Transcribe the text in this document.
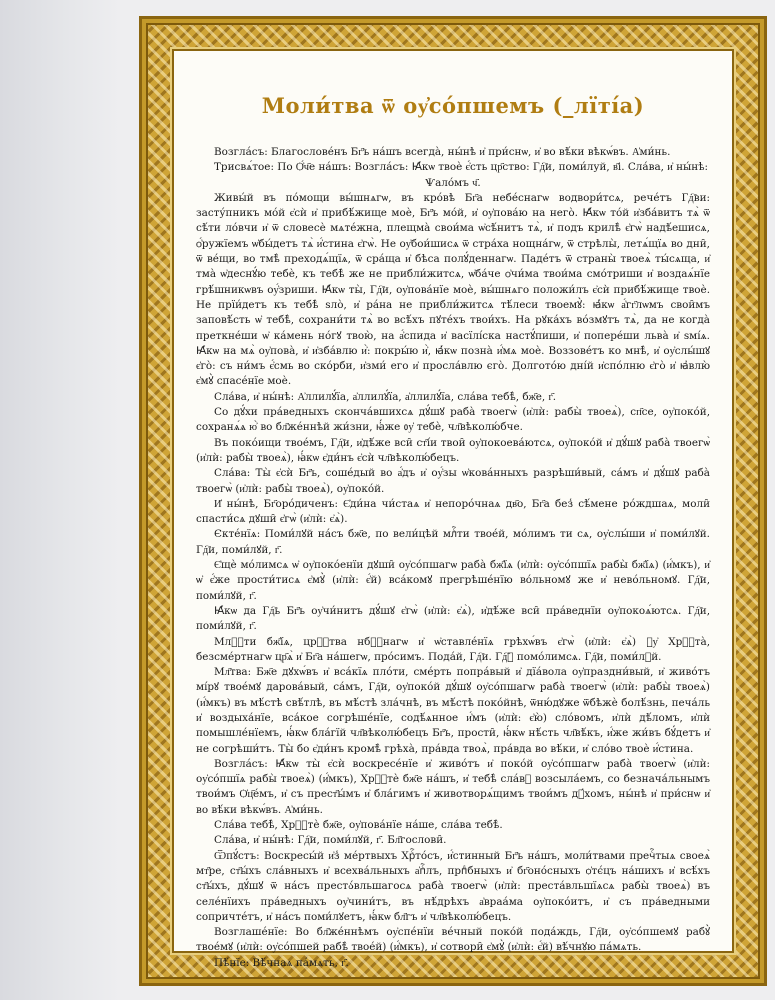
Моли́тва ѿ оу҆со́пшемъ (_лїті́а)

Возгла́съ: Благослове́нъ Бг҃ъ на́шъ всегда̀, ны́нѣ и҆ при́снѡ, и҆ во вѣ́ки вѣкѡ́въ. А҆ми́нь.

Трисвѧ́тое: По Ѻ҆́ч҃е на́шъ: Возгла́съ: Ꙗ҆́кѡ твоѐ є҆́сть цр҃ство: Гд҇и, поми́луй, в҃і. Сла́ва, и҆ ны́нѣ:

Ѱало́мъ ч҃.

Живы́й въ по́мощи вы́шнѧгѡ, въ кро́вѣ Бг҃а небе́снагѡ водвори́тсѧ, рече́тъ Гд҇ви: засту́пникъ мо́й є҆сѝ и҆ прибѣ́жище моѐ, Бг҃ъ мо́й, и҆ оу҆пова́ю на него̀. Ꙗ҆́кѡ то́й и҆зба́витъ тѧ̀ ѿ сѣ́ти ло́вчи и҆ ѿ словесѐ мѧте́жна, плещма̀ свои́ма ѡ҆сѣ́нитъ тѧ̀, и҆ подъ крилѣ̀ є҆гѡ̀ надѣ́ешисѧ, ѻ҆́ружїемъ ѡ҆бы́детъ тѧ̀ и҆́стина є҆гѡ̀. Не оу҆бои́шисѧ ѿ стра́ха нощна́гѡ, ѿ стрѣлы̀, летѧ́щїѧ во дни̑, ѿ ве́щи, во тмѣ̀ преходѧ́щїѧ, ѿ сра́ща и҆ бѣса полꙋ́деннагѡ. Паде́тъ ѿ страны̀ твоеѧ̀ ты́сѧща, и҆ тма̀ ѡ҆деснꙋ́ю тебѐ, къ тебѣ̀ же не прибли́житсѧ, ѡ҆ба́че ѻ҆чи́ма твои́ма смо́триши и҆ воздаѧ́нїе грѣ́шникѡвъ оу҆́зриши. Ꙗ҆́кѡ ты̀, Гд҇и, оу҆пова́нїе моѐ, вы́шнѧго положи́лъ є҆сѝ прибѣ́жище твоѐ. Не прїи́детъ къ тебѣ̀ ѕло̀, и҆ ра́на не прибли́житсѧ тѣ́леси твоемꙋ̀: ꙗ҆́кѡ а҆́гг҃лѡмъ свои̑мъ заповѣ́сть ѡ҆ тебѣ̀, сохрани́ти тѧ̀ во всѣ́хъ пꙋте́хъ твои́хъ. На рꙋка́хъ во́змꙋтъ тѧ̀, да не когда̀ преткне́ши ѡ҆ ка́мень но́гꙋ твою̀, на а҆́спида и҆ васїлі́ска настꙋ́пиши, и҆ попере́ши льва̀ и҆ ѕмі́ѧ. Ꙗ҆́кѡ на мѧ̀ оу҆пова̀, и҆ и҆зба́влю и҆̀: покры́ю и҆̀, ꙗ҆́кѡ позна̀ и҆́мѧ моѐ. Воззове́тъ ко мнѣ̀, и҆ оу҆слы́шꙋ є҆го̀: съ ни́мъ є҆́смь во ско́рби, и҆зми́ его и҆ просла́влю єго̀. Долгото́ю дні́й и҆спо́лню є҆го̀ и҆ ꙗ҆влю̀ є҆мꙋ̀ спасе́нїе моѐ.

Сла́ва, и҆ ны́нѣ: А҆ллилꙋ́їа, а҆ллилꙋ́їа, а҆ллилꙋ́їа, сла́ва тебѣ̀, бж҃е, г҃.

Со дꙋ́хи пра́ведныхъ сконча́вшихсѧ дꙋ́шꙋ раба̀ твоегѡ̀ (и҆лѝ: рабы̀ твоеѧ̀), сп҃се, оу҆поко́й, сохранѧ́ѧ ю҆̀ во бл҃же́ннѣй жи́зни, ꙗ҆́же ᲂу҆ тебѐ, чл҃вѣколю́бче.

Въ поко́ищи твое́мъ, Гд҇и, и҆дѣ́же вси̑ ст҃і́и твои̑ оу҆покоева́ютсѧ, оу҆поко́й и҆ дꙋ́шꙋ раба̀ твоегѡ̀ (и҆лѝ: рабы̀ твоеѧ̀), ꙗ҆́кѡ є҆ди́нъ є҆сѝ чл҃вѣколю́бецъ.

Сла́ва: Ты̀ є҆сѝ Бг҃ъ, соше́дый во а҆́дъ и҆ оу҆́зы ѡ҆кова́нныхъ разрѣши́вый, са́мъ и҆ дꙋ́шꙋ раба̀ твоегѡ̀ (и҆лѝ: рабы̀ твоеѧ̀), оу҆поко́й.

И҆ ны́нѣ, Бг҃оро́диченъ: Є҆ди́на чи́стаѧ и҆ непоро́чнаѧ дв҃о, Бг҃а без̾ сѣ́мене ро́ждшаѧ, моли̑ спасти́сѧ дꙋши̑ є҆гѡ̀ (и҆лѝ: є҆ѧ̀).

Єкте́нїѧ: Поми́лꙋй на́съ бж҃е, по вели́цѣй млⷭ҇ти твое́й, мо́лимъ ти сѧ, оу҆слы́ши и҆ поми́лꙋй. Гд҇и, поми́лꙋй, г҃.

Є҆щѐ мо́лимсѧ ѡ҆ оу҆поко́енїи дꙋши̑ оу҆со́пшагѡ раба̀ бж҃їѧ (и҆лѝ: оу҆со́пшїѧ рабы̀ бж҃їѧ) (и҆́мкъ), и҆ ѡ҆ є҆́же прости́тисѧ є҆мꙋ̀ (и҆лѝ: є҆́й) вса́комꙋ прегрѣше́нїю во́льномꙋ же и҆ нево́льномꙋ. Гд҇и, поми́лꙋй, г҃.

Ꙗ҆́кѡ да Гд҇ь Бг҃ъ оу҆чи́нитъ дꙋ́шꙋ є҆гѡ̀ (и҆лѝ: є҆ѧ̀), и҆дѣ́же вси̑ пра́веднїи оу҆покоѧ́ютсѧ. Гд҇и, поми́лꙋй, г҃.

Млⷭ҇ти бж҃їѧ, црⷭ҇тва нбⷭ҇нагѡ и҆ ѡ҆ставле́нїѧ грѣхѡ́въ є҆гѡ̀ (и҆лѝ: є҆ѧ̀) ᲂу҆ Хрⷭ҇та̀, безсме́ртнагѡ цр҃ѧ̀ и҆ Бг҃а на́шегѡ, про́симъ. Пода́й, Гд҇и. Гд҇ꙋ помо́лимсѧ. Гд҇и, поми́лꙋй.

Мл҃тва: Бж҃е дꙋхѡ́въ и҆ вса́кїѧ пло́ти, сме́рть попра́вый и҆ дїа́вола оу҆праздни́вый, и҆ живо́тъ мі́рꙋ твое́мꙋ дарова́вый, са́мъ, Гд҇и, оу҆поко́й дꙋ́шꙋ оу҆со́пшагѡ раба̀ твоегѡ̀ (и҆лѝ: рабы̀ твоеѧ̀) (и҆́мкъ) въ мѣ́стѣ свѣ́тлѣ, въ мѣ́стѣ зла́чнѣ, въ мѣ́стѣ поко́йнѣ, ѿню́дꙋже ѿбѣжѐ болѣ́знь, печа́ль и҆ воздыха́нїе, вса́кое согрѣше́нїе, содѣ́ѧнное и҆́мъ (и҆лѝ: є҆ю̀) сло́вомъ, и҆лѝ дѣ́ломъ, и҆лѝ помышле́нїемъ, ꙗ҆́кѡ бла́гїй чл҃вѣколю́бецъ Бг҃ъ, прости̑, ꙗ҆́кѡ нѣ́сть чл҃вѣ́къ, и҆́же жи́въ бꙋ́детъ и҆ не согрѣши́тъ. Ты̀ бо є҆ди́нъ кромѣ̀ грѣха̀, пра́вда твоѧ̀, пра́вда во вѣ́ки, и҆ сло́во твоѐ и҆́стина.

Возгла́съ: Ꙗ҆́кѡ ты̀ є҆сѝ воскресе́нїе и҆ живо́тъ и҆ поко́й оу҆со́пшагѡ раба̀ твоегѡ̀ (и҆лѝ: оу҆со́пшїѧ рабы̀ твоеѧ̀) (и҆́мкъ), Хрⷭ҇тѐ бж҃е на́шъ, и҆ тебѣ̀ сла́вꙋ возсыла́емъ, со безнача́льнымъ твои́мъ Ѻ҆ц҃е́мъ, и҆ съ прест҃ы́мъ и҆ бла́гимъ и҆ животворѧ́щимъ твои́мъ дꙋ́хомъ, ны́нѣ и҆ при́снѡ и҆ во вѣ́ки вѣкѡ́въ. А҆ми́нь.

Сла́ва тебѣ̀, Хрⷭ҇тѐ бж҃е, оу҆пова́нїе на́ше, сла́ва тебѣ̀.

Сла́ва, и҆ ны́нѣ: Гд҇и, поми́лꙋй, г҃. Бл҃гослови̑.

Ѿпꙋ́стъ: Воскресы́й и҆з̾ ме́ртвыхъ Хрⷭ҇то́съ, и҆́стинный Бг҃ъ на́шъ, моли́твами пречⷭ҇тыѧ своеѧ̀ мт҃ре, ст҃ы́хъ сла́вныхъ и҆ всехва́льныхъ а҆пⷭ҇лъ, прпⷣбныхъ и҆ бг҃оно́сныхъ ѻ҆тє́цъ на́шихъ и҆ всѣ́хъ ст҃ы́хъ, дꙋ́шꙋ ѿ на́съ престა́вльшагосѧ раба̀ твоегѡ̀ (и҆лѝ: преста́вльшїѧсѧ рабы̀ твоеѧ̀) въ селе́нїихъ пра́ведныхъ оу҆чини́тъ, въ нѣ́дрѣхъ а҆враа́ма оу҆поко́итъ, и҆ съ пра́ведными сопричте́тъ, и҆ на́съ поми́лꙋетъ, ꙗ҆́кѡ бл҃гъ и҆ чл҃вѣколю́бецъ.

Возглаше́нїе: Во бл҃же́ннѣмъ оу҆спе́нїи ве́чный поко́й пода́ждь, Гд҇и, оу҆со́пшемꙋ рабꙋ̀ твое́мꙋ (и҆лѝ: оу҆со́пшей рабѣ̀ твое́й) (и҆́мкъ), и҆ сотвори̑ є҆мꙋ̀ (и҆лѝ: є҆́й) вѣ́чнꙋю па́мѧть.

Пѣ́нїе: Вѣ́чнаѧ па́мѧть, г҃.
